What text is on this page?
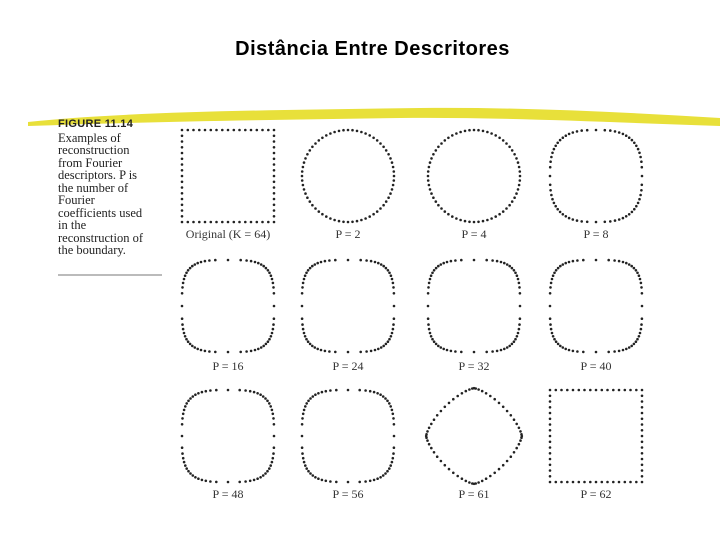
Distância Entre Descritores
FIGURE 11.14
Examples of reconstruction from Fourier descriptors. P is the number of Fourier coefficients used in the reconstruction of the boundary.
Original (K = 64)	P = 2	P = 4	P = 8
P = 16	P = 24	P = 32	P = 40
P = 48	P = 56	P = 61	P = 62
